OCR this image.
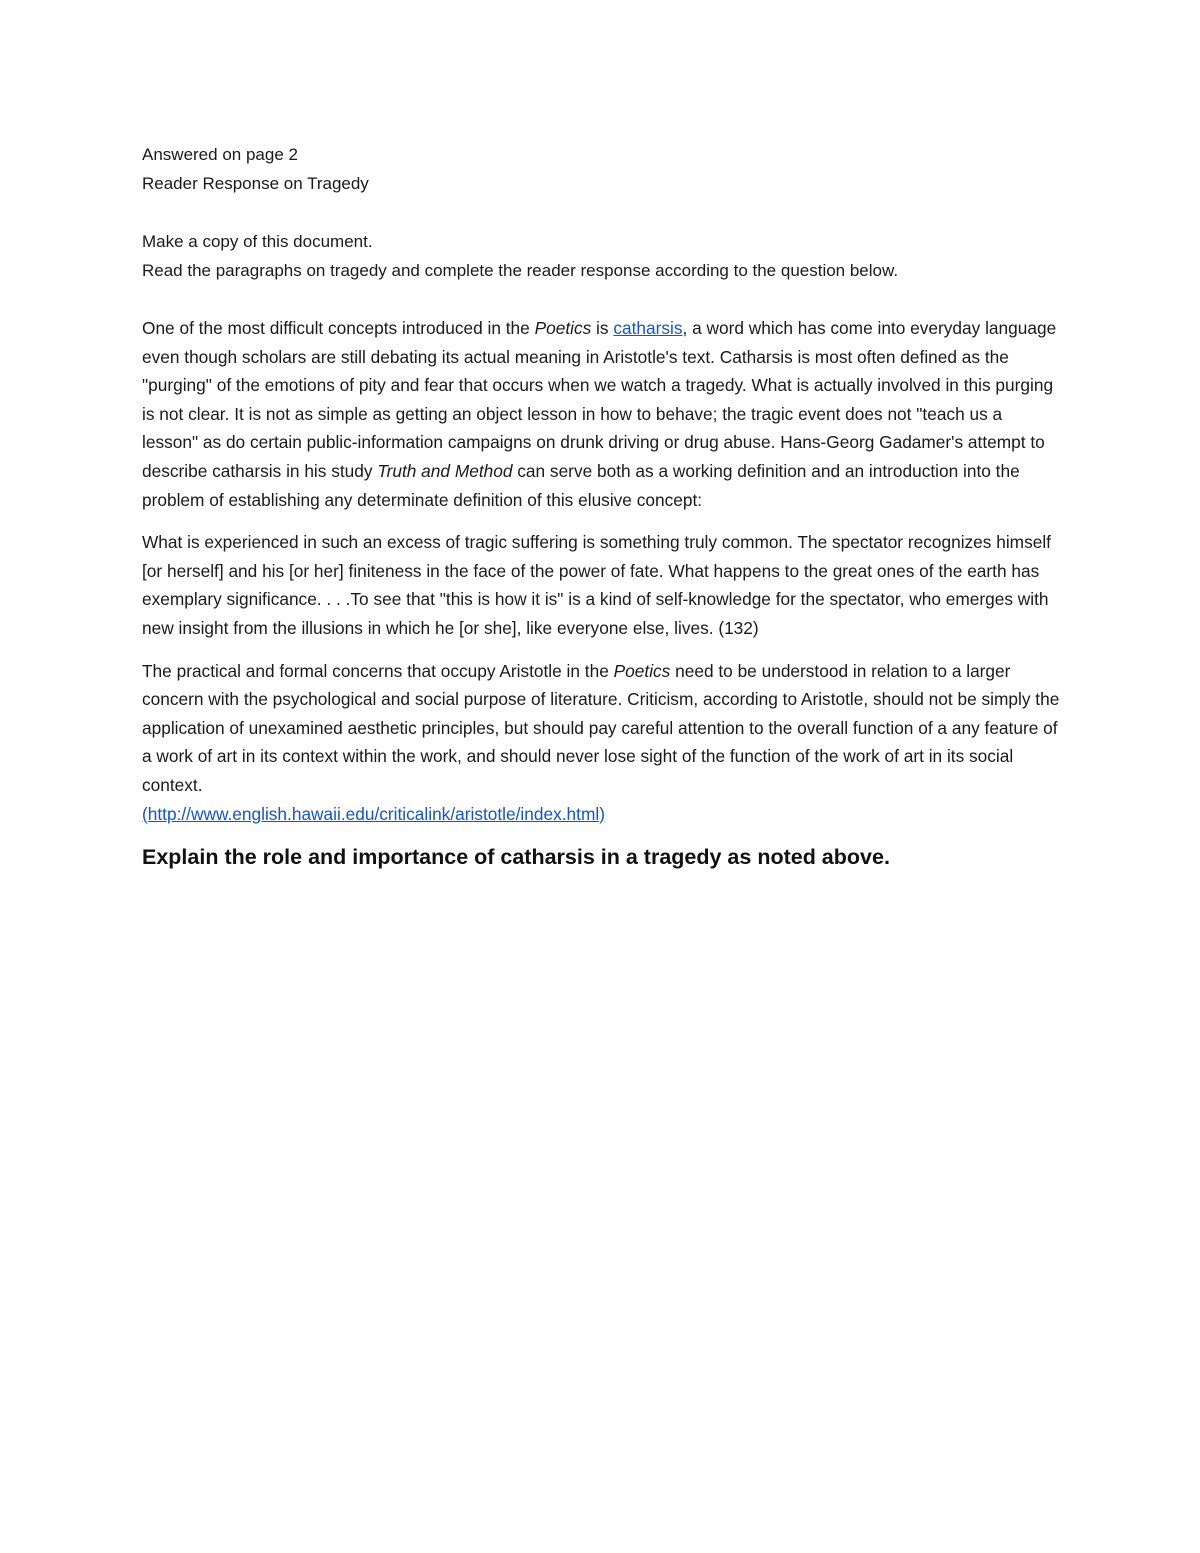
Answered on page 2

Reader Response on Tragedy

Make a copy of this document.

Read the paragraphs on tragedy and complete the reader response according to the question below.

One of the most difficult concepts introduced in the Poetics is catharsis, a word which has come into everyday language even though scholars are still debating its actual meaning in Aristotle's text. Catharsis is most often defined as the "purging" of the emotions of pity and fear that occurs when we watch a tragedy. What is actually involved in this purging is not clear. It is not as simple as getting an object lesson in how to behave; the tragic event does not "teach us a lesson" as do certain public-information campaigns on drunk driving or drug abuse. Hans-Georg Gadamer's attempt to describe catharsis in his study Truth and Method can serve both as a working definition and an introduction into the problem of establishing any determinate definition of this elusive concept:

What is experienced in such an excess of tragic suffering is something truly common. The spectator recognizes himself [or herself] and his [or her] finiteness in the face of the power of fate. What happens to the great ones of the earth has exemplary significance. . . .To see that "this is how it is" is a kind of self-knowledge for the spectator, who emerges with new insight from the illusions in which he [or she], like everyone else, lives. (132)

The practical and formal concerns that occupy Aristotle in the Poetics need to be understood in relation to a larger concern with the psychological and social purpose of literature. Criticism, according to Aristotle, should not be simply the application of unexamined aesthetic principles, but should pay careful attention to the overall function of a any feature of a work of art in its context within the work, and should never lose sight of the function of the work of art in its social context.
(http://www.english.hawaii.edu/criticalink/aristotle/index.html)

Explain the role and importance of catharsis in a tragedy as noted above.
